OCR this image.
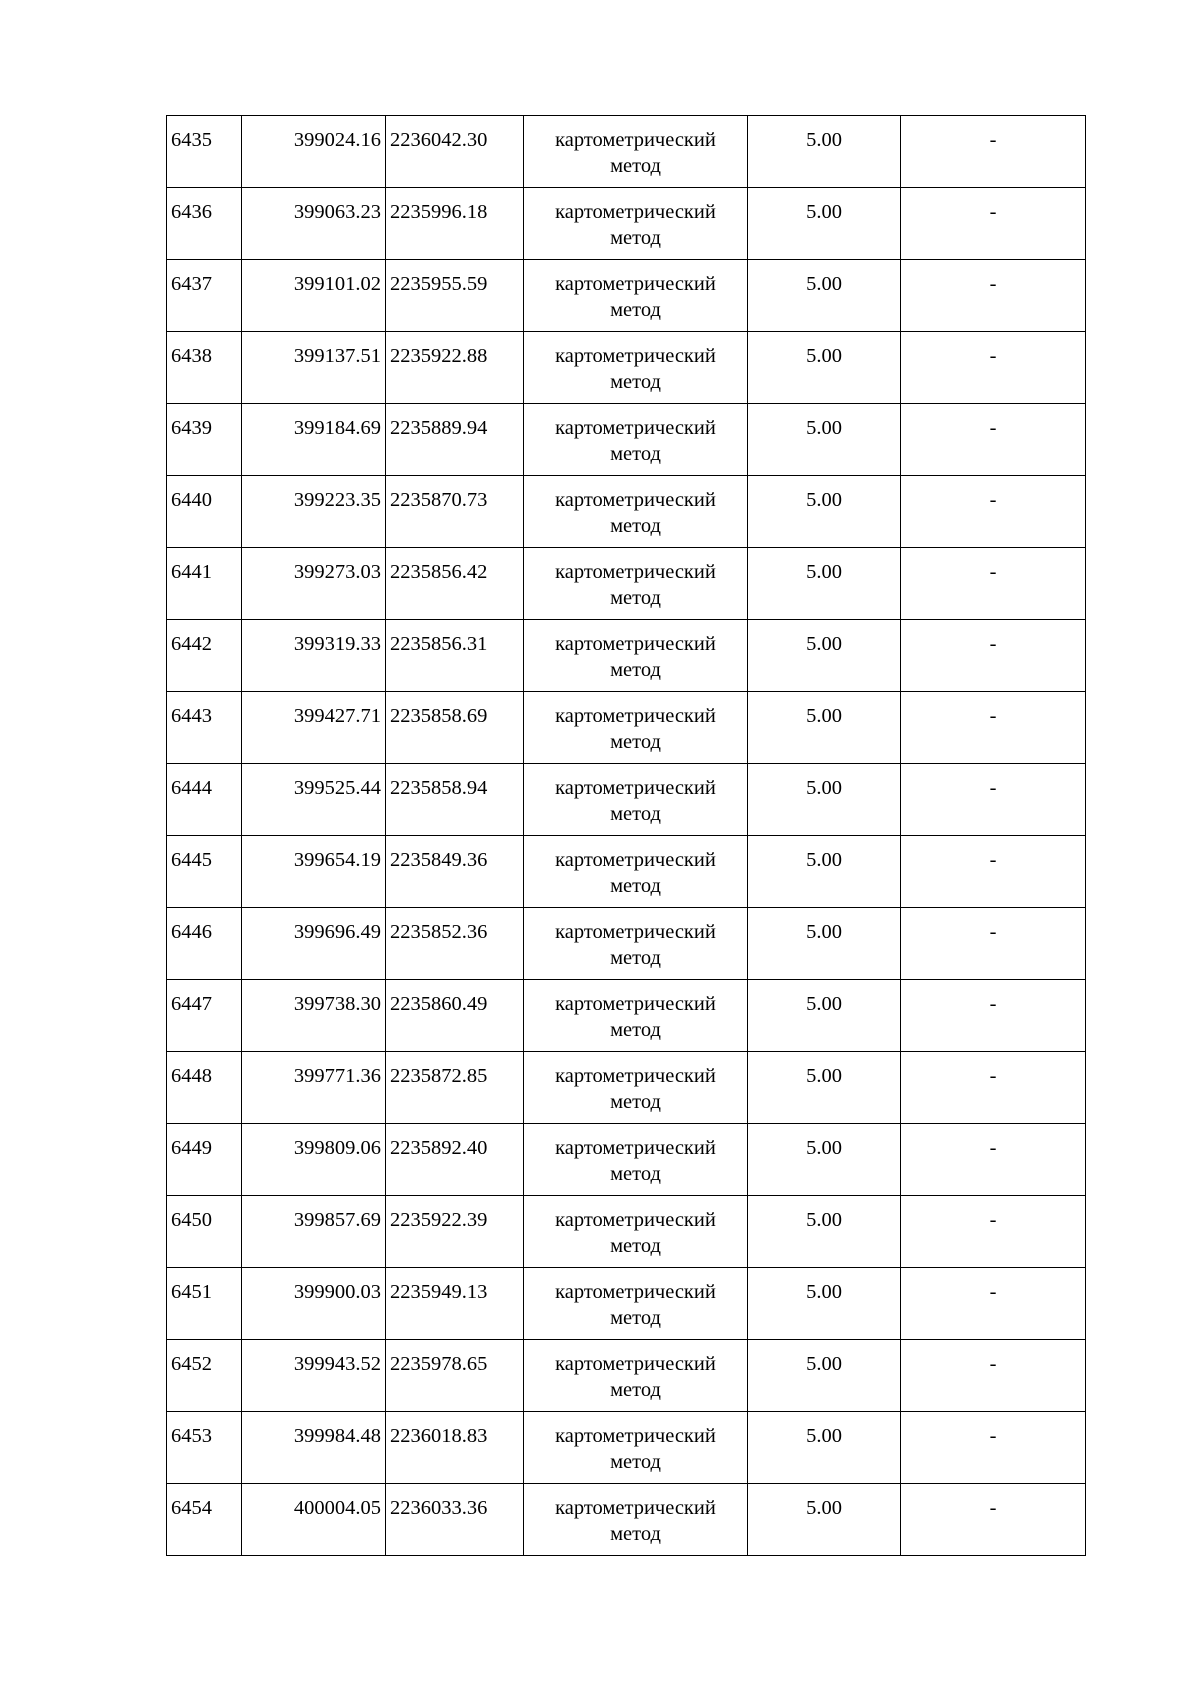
6435	399024.16	2236042.30	картометрический метод	5.00	-
6436	399063.23	2235996.18	картометрический метод	5.00	-
6437	399101.02	2235955.59	картометрический метод	5.00	-
6438	399137.51	2235922.88	картометрический метод	5.00	-
6439	399184.69	2235889.94	картометрический метод	5.00	-
6440	399223.35	2235870.73	картометрический метод	5.00	-
6441	399273.03	2235856.42	картометрический метод	5.00	-
6442	399319.33	2235856.31	картометрический метод	5.00	-
6443	399427.71	2235858.69	картометрический метод	5.00	-
6444	399525.44	2235858.94	картометрический метод	5.00	-
6445	399654.19	2235849.36	картометрический метод	5.00	-
6446	399696.49	2235852.36	картометрический метод	5.00	-
6447	399738.30	2235860.49	картометрический метод	5.00	-
6448	399771.36	2235872.85	картометрический метод	5.00	-
6449	399809.06	2235892.40	картометрический метод	5.00	-
6450	399857.69	2235922.39	картометрический метод	5.00	-
6451	399900.03	2235949.13	картометрический метод	5.00	-
6452	399943.52	2235978.65	картометрический метод	5.00	-
6453	399984.48	2236018.83	картометрический метод	5.00	-
6454	400004.05	2236033.36	картометрический метод	5.00	-
